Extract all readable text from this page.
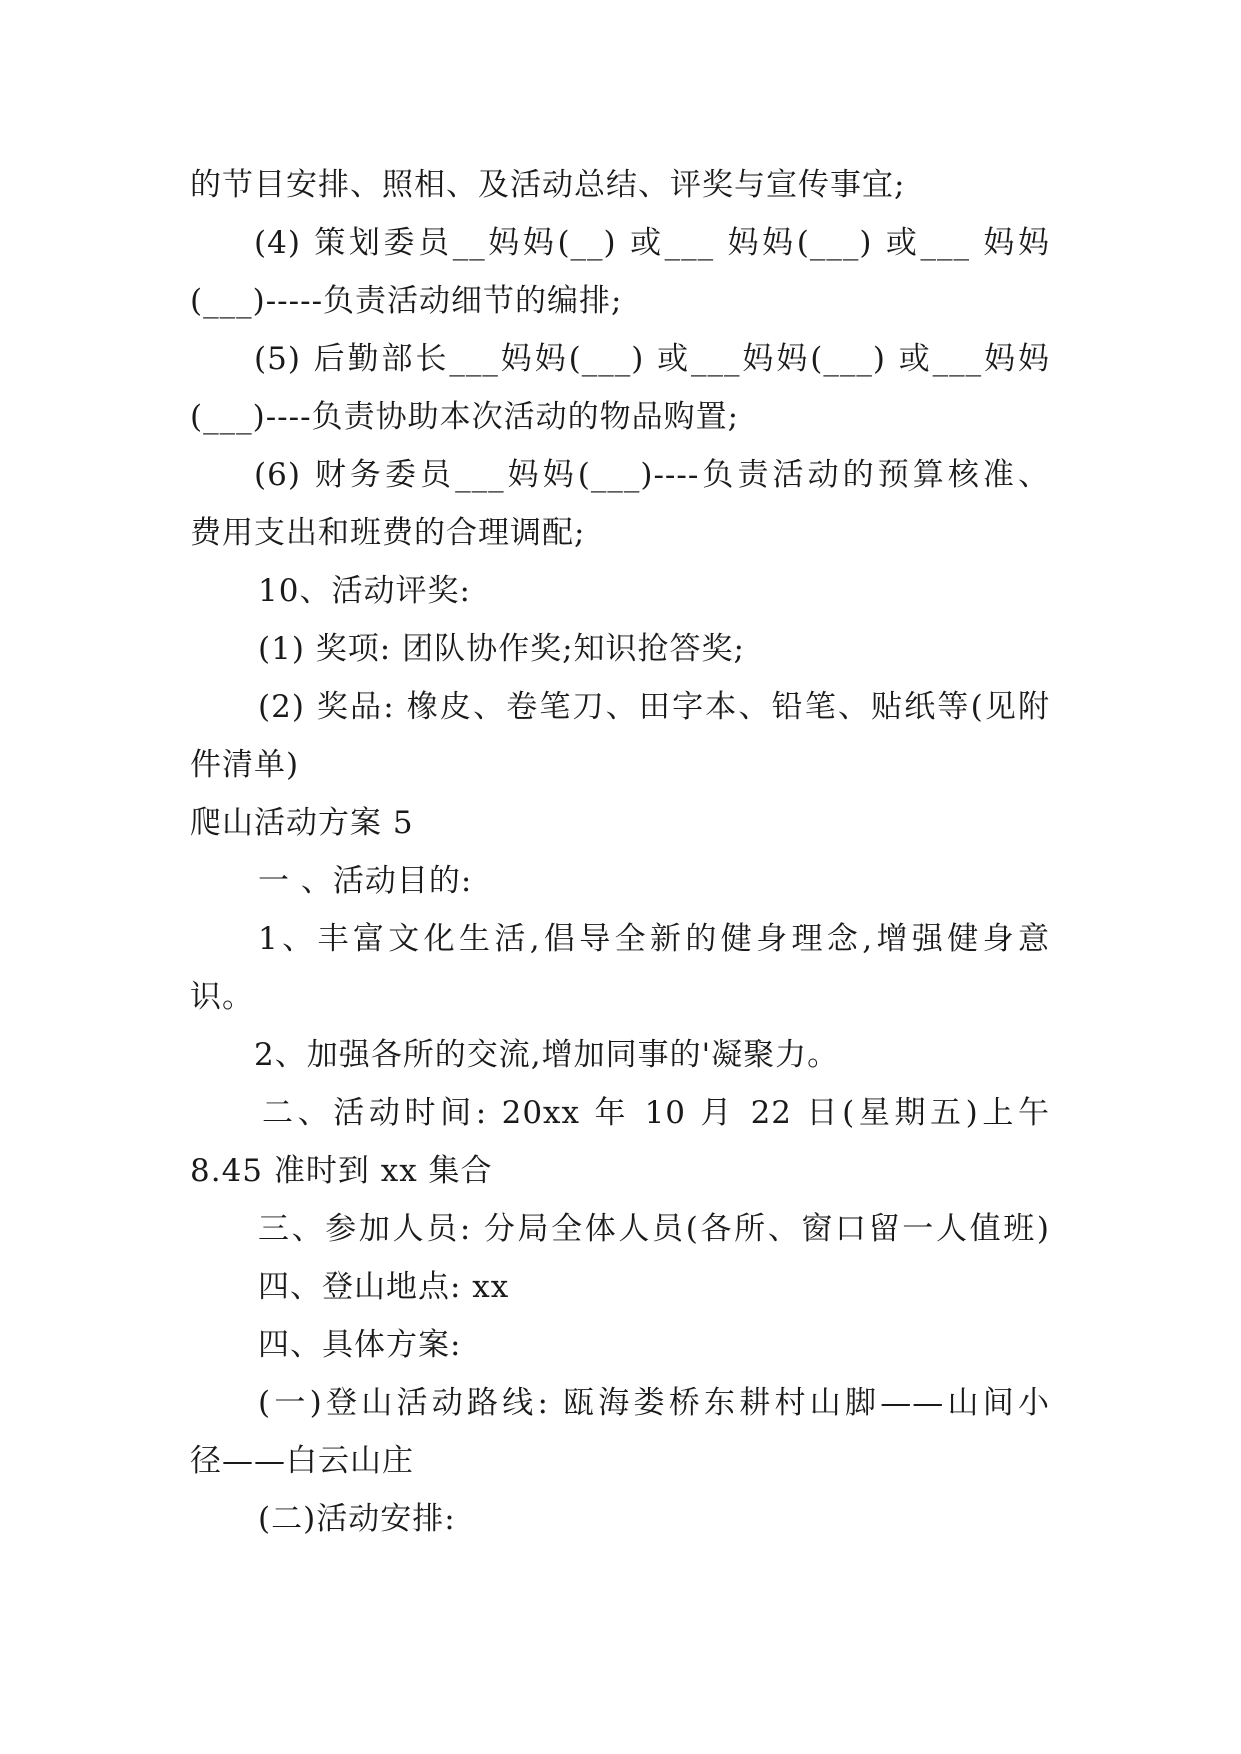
的节目安排、照相、及活动总结、评奖与宣传事宜;
(4) 策划委员__妈妈(__) 或___ 妈妈(___) 或___ 妈妈
(___)-----负责活动细节的编排;
(5) 后勤部长___妈妈(___) 或___妈妈(___) 或___妈妈
(___)----负责协助本次活动的物品购置;
(6) 财务委员___妈妈(___)----负责活动的预算核准、
费用支出和班费的合理调配;
10、活动评奖:
(1) 奖项: 团队协作奖;知识抢答奖;
(2) 奖品: 橡皮、卷笔刀、田字本、铅笔、贴纸等(见附
件清单)
爬山活动方案 5
一 、活动目的:
1、丰富文化生活,倡导全新的健身理念,增强健身意
识。
2、加强各所的交流,增加同事的'凝聚力。
二、活动时间: 20xx 年 10 月 22 日(星期五)上午
8.45 准时到 xx 集合
三、参加人员: 分局全体人员(各所、窗口留一人值班)
四、登山地点: xx
四、具体方案:
(一)登山活动路线: 瓯海娄桥东耕村山脚——山间小
径——白云山庄
(二)活动安排:
